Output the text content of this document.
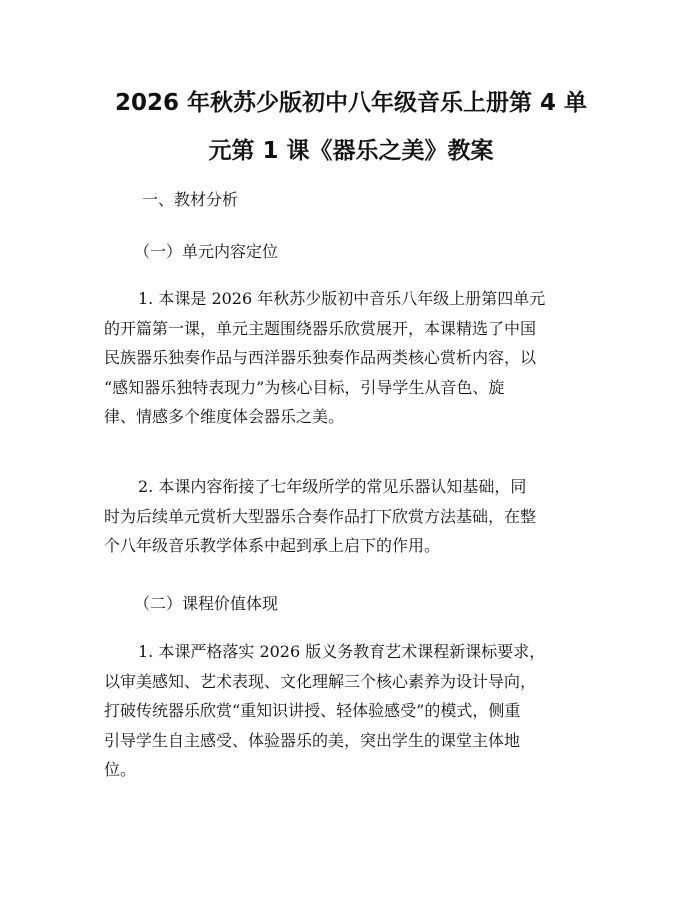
2026 年秋苏少版初中八年级音乐上册第 4 单
元第 1 课《器乐之美》教案

一、教材分析

（一）单元内容定位

1. 本课是 2026 年秋苏少版初中音乐八年级上册第四单元
的开篇第一课，单元主题围绕器乐欣赏展开，本课精选了中国
民族器乐独奏作品与西洋器乐独奏作品两类核心赏析内容，以
“感知器乐独特表现力”为核心目标，引导学生从音色、旋
律、情感多个维度体会器乐之美。
2. 本课内容衔接了七年级所学的常见乐器认知基础，同
时为后续单元赏析大型器乐合奏作品打下欣赏方法基础，在整
个八年级音乐教学体系中起到承上启下的作用。

（二）课程价值体现

1. 本课严格落实 2026 版义务教育艺术课程新课标要求，
以审美感知、艺术表现、文化理解三个核心素养为设计导向，
打破传统器乐欣赏“重知识讲授、轻体验感受”的模式，侧重
引导学生自主感受、体验器乐的美，突出学生的课堂主体地
位。
